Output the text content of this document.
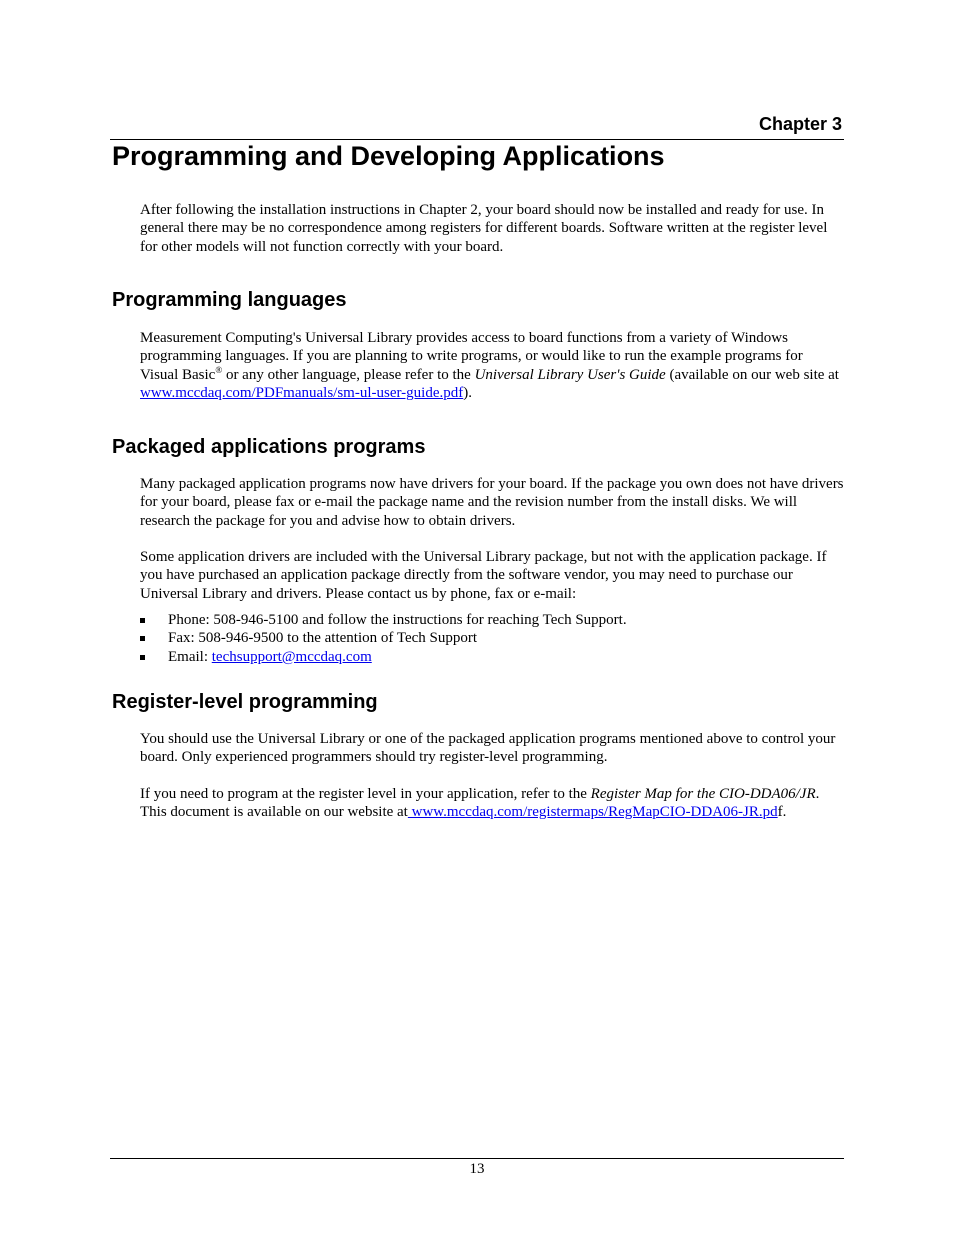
Chapter 3
Programming and Developing Applications

After following the installation instructions in Chapter 2, your board should now be installed and ready for use. In general there may be no correspondence among registers for different boards. Software written at the register level for other models will not function correctly with your board.

Programming languages

Measurement Computing's Universal Library provides access to board functions from a variety of Windows programming languages. If you are planning to write programs, or would like to run the example programs for Visual Basic® or any other language, please refer to the Universal Library User's Guide (available on our web site at www.mccdaq.com/PDFmanuals/sm-ul-user-guide.pdf).

Packaged applications programs

Many packaged application programs now have drivers for your board. If the package you own does not have drivers for your board, please fax or e-mail the package name and the revision number from the install disks. We will research the package for you and advise how to obtain drivers.

Some application drivers are included with the Universal Library package, but not with the application package. If you have purchased an application package directly from the software vendor, you may need to purchase our Universal Library and drivers. Please contact us by phone, fax or e-mail:

Phone: 508-946-5100 and follow the instructions for reaching Tech Support.
Fax: 508-946-9500 to the attention of Tech Support
Email: techsupport@mccdaq.com
Register-level programming

You should use the Universal Library or one of the packaged application programs mentioned above to control your board. Only experienced programmers should try register-level programming.

If you need to program at the register level in your application, refer to the Register Map for the CIO-DDA06/JR. This document is available on our website at www.mccdaq.com/registermaps/RegMapCIO-DDA06-JR.pdf.

13
